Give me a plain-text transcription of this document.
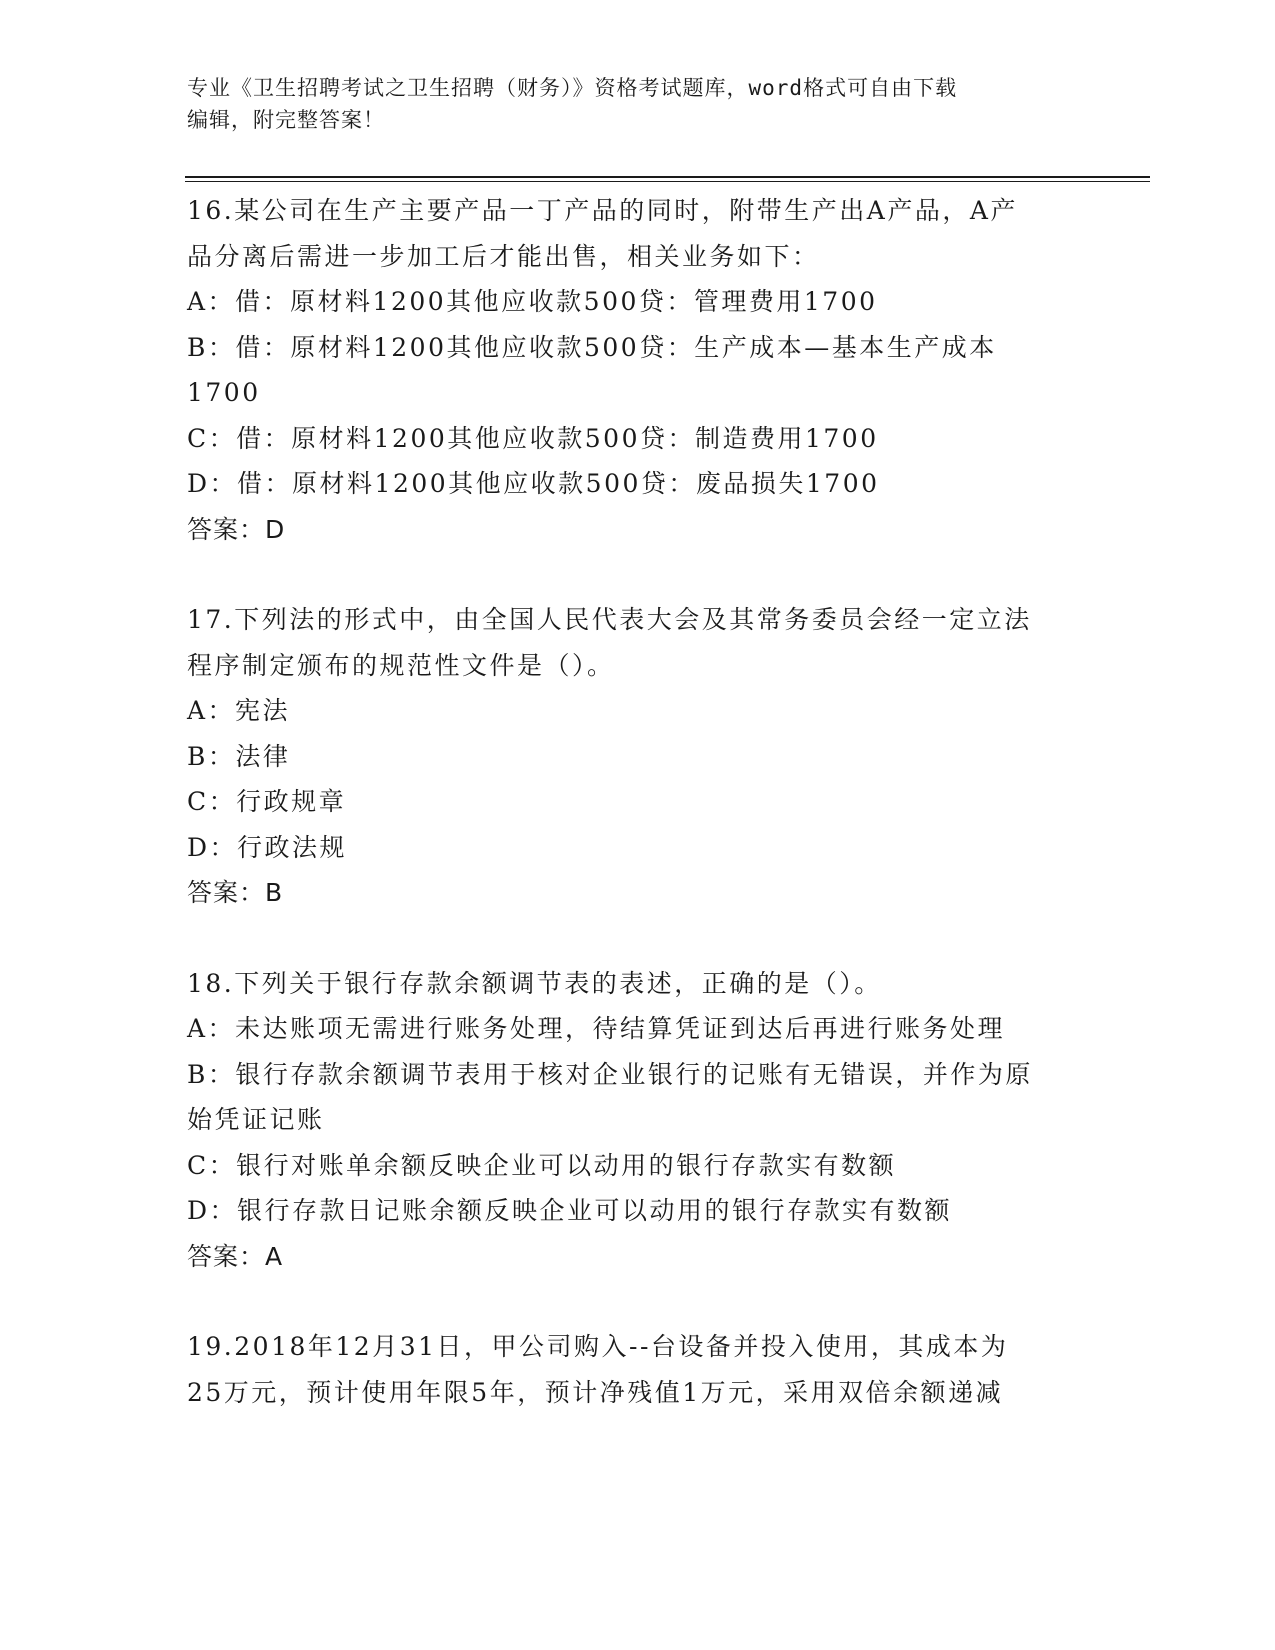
专业《卫生招聘考试之卫生招聘（财务）》资格考试题库，word格式可自由下载
编辑，附完整答案！
16.某公司在生产主要产品一丁产品的同时，附带生产出A产品，A产
品分离后需进一步加工后才能出售，相关业务如下：
A：借：原材料1200其他应收款500贷：管理费用1700
B：借：原材料1200其他应收款500贷：生产成本—基本生产成本
1700
C：借：原材料1200其他应收款500贷：制造费用1700
D：借：原材料1200其他应收款500贷：废品损失1700
答案：D
17.下列法的形式中，由全国人民代表大会及其常务委员会经一定立法
程序制定颁布的规范性文件是（）。
A：宪法
B：法律
C：行政规章
D：行政法规
答案：B
18.下列关于银行存款余额调节表的表述，正确的是（）。
A：未达账项无需进行账务处理，待结算凭证到达后再进行账务处理
B：银行存款余额调节表用于核对企业银行的记账有无错误，并作为原
始凭证记账
C：银行对账单余额反映企业可以动用的银行存款实有数额
D：银行存款日记账余额反映企业可以动用的银行存款实有数额
答案：A
19.2018年12月31日，甲公司购入--台设备并投入使用，其成本为
25万元，预计使用年限5年，预计净残值1万元，采用双倍余额递减
